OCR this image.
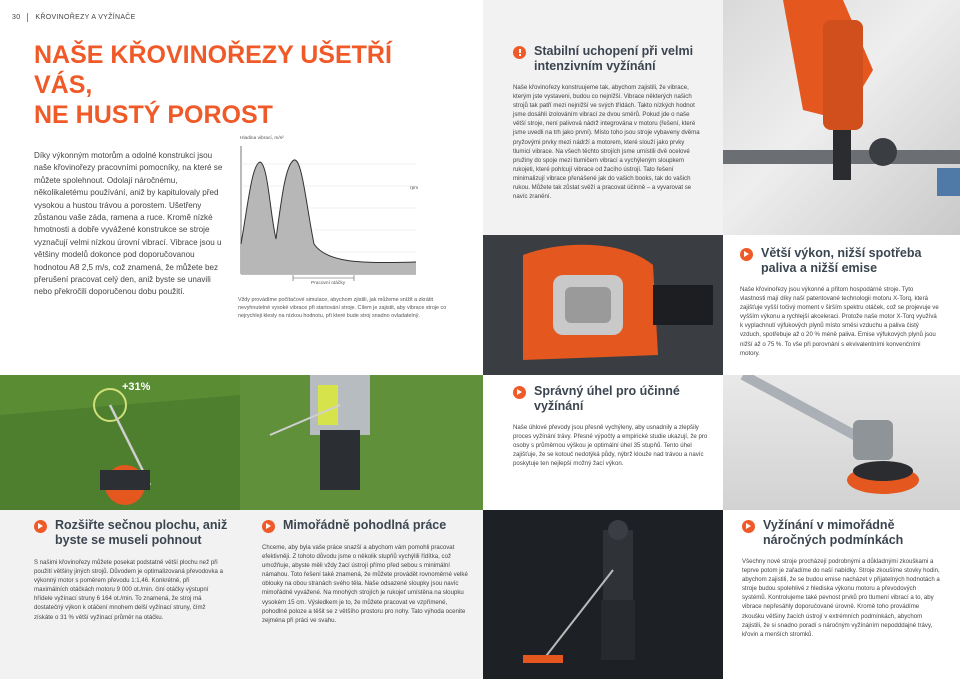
30 KŘOVINOŘEZY A VYŽÍNAČE
NAŠE KŘOVINOŘEZY UŠETŘÍ VÁS,
NE HUSTÝ POROST
Díky výkonným motorům a odolné konstrukci jsou naše křovinořezy pracovními pomocníky, na které se můžete spolehnout. Odolají náročnému, několikaletému používání, aniž by kapitulovaly před vysokou a hustou trávou a porostem. Ušetřeny zůstanou vaše záda, ramena a ruce. Kromě nízké hmotnosti a dobře vyvážené konstrukce se stroje vyznačují velmi nízkou úrovní vibrací. Vibrace jsou u většiny modelů dokonce pod doporučovanou hodnotou A8 2,5 m/s, což znamená, že můžete bez přerušení pracovat celý den, aniž byste se unavili nebo překročili doporučenou dobu použití.
Hladina vibrací, m/s²
rpm
Pracovní otáčky
Vždy provádíme počítačové simulace, abychom zjistili, jak můžeme snížit a zkrátit nevyhnutelné vysoké vibrace při startování stroje. Cílem je zajistit, aby vibrace stroje co nejrychleji klesly na nízkou hodnotu, při které bude stroj snadno ovladatelný.
Stabilní uchopení při velmi intenzivním vyžínání
Naše křovinořezy konstruujeme tak, abychom zajistili, že vibrace, kterým jste vystaveni, budou co nejnižší. Vibrace některých našich strojů tak patří mezi nejnižší ve svých třídách. Takto nízkých hodnot jsme dosáhli izolováním vibrací ze dvou směrů. Pokud jde o naše větší stroje, není palivová nádrž integrována v motoru (řešení, které jsme uvedli na trh jako první). Místo toho jsou stroje vybaveny dvěma pryžovými prvky mezi nádrží a motorem, které slouží jako prvky tlumicí vibrace. Na všech těchto strojích jsme umístili dvě ocelové pružiny do spoje mezi tlumičem vibrací a vychýleným sloupkem rukojeti, které pohlcují vibrace od žacího ústrojí. Tato řešení minimalizují vibrace přenášené jak do vašich books, tak do vašich rukou. Můžete tak zůstat svěží a pracovat účinně – a vyvarovat se navíc zranění.
Větší výkon, nižší spotřeba paliva a nižší emise
Naše křovinořezy jsou výkonné a přitom hospodárné stroje. Tyto vlastnosti mají díky naší patentované technologii motoru X-Torq, která zajišťuje vyšší točivý moment v širším spektru otáček, což se projevuje ve vyšším výkonu a rychlejší akceleraci. Protože naše motor X-Torq využívá k vyplachnutí výfukových plynů místo směsi vzduchu a paliva čistý vzduch, spotřebuje až o 20 % méně paliva. Emise výfukových plynů jsou nižší až o 75 %. To vše při porovnání s ekvivalentními konvenčními motory.
+31%	Správný úhel pro účinné vyžínání
Naše úhlové převody jsou přesně vychýleny, aby usnadnily a zlepšily proces vyžínání trávy. Přesné výpočty a empirické studie ukazují, že pro osoby s průměrnou výškou je optimální úhel 35 stupňů. Tento úhel zajišťuje, že se kotouč nedotýká půdy, nýbrž klouže nad trávou a navíc poskytuje ten nejlepší možný žací výkon.
Rozšiřte sečnou plochu, aniž byste se museli pohnout
S našimi křovinořezy můžete posekat podstatně větší plochu než při použití většiny jiných strojů. Důvodem je optimalizovaná převodovka a výkonný motor s poměrem převodu 1:1,46. Konkrétně, při maximálních otáčkách motoru 9 000 ot./min. činí otáčky výstupní hřídele vyžínací struny 6 164 ot./min. To znamená, že stroj má dostatečný výkon k otáčení mnohem delší vyžínací struny, čímž získáte o 31 % větší vyžínací průměr na otáčku.
Mimořádně pohodlná práce
Chceme, aby byla vaše práce snazší a abychom vám pomohli pracovat efektivněji. Z tohoto důvodu jsme o několik stupňů vychýlili řídítka, což umožňuje, abyste měli vždy žací ústrojí přímo před sebou s minimální námahou. Toto řešení také znamená, že můžete provádět rovnoměrné velké oblouky na obou stranách svého těla. Naše odsazené sloupky jsou navíc mimořádně vyvážené. Na mnohých strojích je rukojeť umístěna na sloupku vysokém 15 cm. Výsledkem je to, že můžete pracovat ve vzpřímené, pohodlné poloze a těšit se z většího prostoru pro nohy. Tato výhoda ocenite zejména při práci ve svahu.
Vyžínání v mimořádně náročných podmínkách
Všechny nové stroje procházejí podrobnými a důkladnými zkouškami a teprve potom je zařadíme do naší nabídky. Stroje zkoušíme stovky hodin, abychom zajistili, že se budou emise nacházet v přijatelných hodnotách a stroje budou spolehlivé z hlediska výkonu motoru a převodových systémů. Kontrolujeme také pevnost prvků pro tlumení vibrací a to, aby vibrace nepřesáhly doporučované úrovně. Kromě toho provádíme zkoušku většiny žacích ústrojí v extrémních podmínkách, abychom zajistili, že si snadno poradí s náročným vyžínáním nepodddajné trávy, křovin a menších stromků.
